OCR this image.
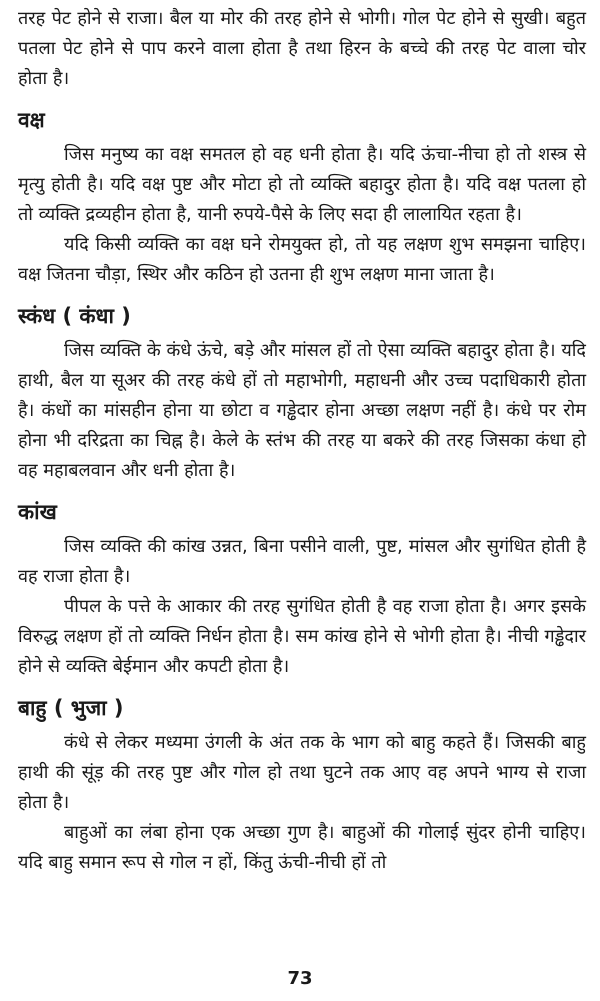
तरह पेट होने से राजा। बैल या मोर की तरह होने से भोगी। गोल पेट होने से सुखी। बहुत पतला पेट होने से पाप करने वाला होता है तथा हिरन के बच्चे की तरह पेट वाला चोर होता है।

वक्ष

जिस मनुष्य का वक्ष समतल हो वह धनी होता है। यदि ऊंचा-नीचा हो तो शस्त्र से मृत्यु होती है। यदि वक्ष पुष्ट और मोटा हो तो व्यक्ति बहादुर होता है। यदि वक्ष पतला हो तो व्यक्ति द्रव्यहीन होता है, यानी रुपये-पैसे के लिए सदा ही लालायित रहता है।

यदि किसी व्यक्ति का वक्ष घने रोमयुक्त हो, तो यह लक्षण शुभ समझना चाहिए। वक्ष जितना चौड़ा, स्थिर और कठिन हो उतना ही शुभ लक्षण माना जाता है।

स्कंध ( कंधा )

जिस व्यक्ति के कंधे ऊंचे, बड़े और मांसल हों तो ऐसा व्यक्ति बहादुर होता है। यदि हाथी, बैल या सूअर की तरह कंधे हों तो महाभोगी, महाधनी और उच्च पदाधिकारी होता है। कंधों का मांसहीन होना या छोटा व गड्ढेदार होना अच्छा लक्षण नहीं है। कंधे पर रोम होना भी दरिद्रता का चिह्न है। केले के स्तंभ की तरह या बकरे की तरह जिसका कंधा हो वह महाबलवान और धनी होता है।

कांख

जिस व्यक्ति की कांख उन्नत, बिना पसीने वाली, पुष्ट, मांसल और सुगंधित होती है वह राजा होता है।

पीपल के पत्ते के आकार की तरह सुगंधित होती है वह राजा होता है। अगर इसके विरुद्ध लक्षण हों तो व्यक्ति निर्धन होता है। सम कांख होने से भोगी होता है। नीची गड्ढेदार होने से व्यक्ति बेईमान और कपटी होता है।

बाहु ( भुजा )

कंधे से लेकर मध्यमा उंगली के अंत तक के भाग को बाहु कहते हैं। जिसकी बाहु हाथी की सूंड़ की तरह पुष्ट और गोल हो तथा घुटने तक आए वह अपने भाग्य से राजा होता है।

बाहुओं का लंबा होना एक अच्छा गुण है। बाहुओं की गोलाई सुंदर होनी चाहिए। यदि बाहु समान रूप से गोल न हों, किंतु ऊंची-नीची हों तो

73
